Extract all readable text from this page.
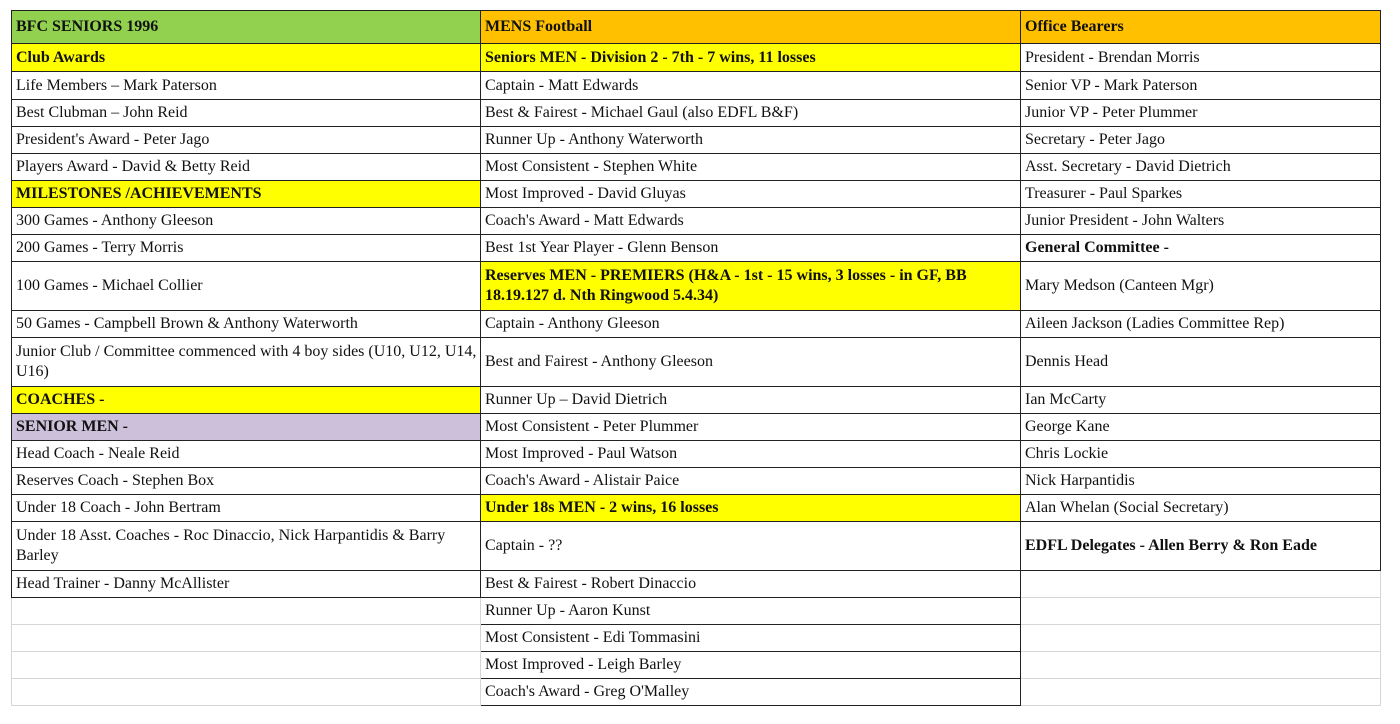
BFC SENIORS 1996	MENS Football	Office Bearers
Club Awards	Seniors MEN - Division 2 - 7th - 7 wins, 11 losses	President - Brendan Morris
Life Members – Mark Paterson	Captain - Matt Edwards	Senior VP - Mark Paterson
Best Clubman – John Reid	Best & Fairest - Michael Gaul (also EDFL B&F)	Junior VP - Peter Plummer
President's Award - Peter Jago	Runner Up - Anthony Waterworth	Secretary - Peter Jago
Players Award - David & Betty Reid	Most Consistent - Stephen White	Asst. Secretary - David Dietrich
MILESTONES /ACHIEVEMENTS	Most Improved - David Gluyas	Treasurer - Paul Sparkes
300 Games - Anthony Gleeson	Coach's Award - Matt Edwards	Junior President - John Walters
200 Games - Terry Morris	Best 1st Year Player - Glenn Benson	General Committee -
100 Games - Michael Collier	Reserves MEN - PREMIERS (H&A - 1st - 15 wins, 3 losses - in GF, BB 18.19.127 d. Nth Ringwood 5.4.34)	Mary Medson (Canteen Mgr)
50 Games - Campbell Brown & Anthony Waterworth	Captain - Anthony Gleeson	Aileen Jackson (Ladies Committee Rep)
Junior Club / Committee commenced with 4 boy sides (U10, U12, U14, U16)	Best and Fairest - Anthony Gleeson	Dennis Head
COACHES -	Runner Up – David Dietrich	Ian McCarty
SENIOR MEN -	Most Consistent - Peter Plummer	George Kane
Head Coach - Neale Reid	Most Improved - Paul Watson	Chris Lockie
Reserves Coach - Stephen Box	Coach's Award - Alistair Paice	Nick Harpantidis
Under 18 Coach - John Bertram	Under 18s MEN - 2 wins, 16 losses	Alan Whelan (Social Secretary)
Under 18 Asst. Coaches - Roc Dinaccio, Nick Harpantidis & Barry Barley	Captain - ??	EDFL Delegates - Allen Berry & Ron Eade
Head Trainer - Danny McAllister	Best & Fairest - Robert Dinaccio	
	Runner Up - Aaron Kunst	
	Most Consistent - Edi Tommasini	
	Most Improved - Leigh Barley	
	Coach's Award - Greg O'Malley	
